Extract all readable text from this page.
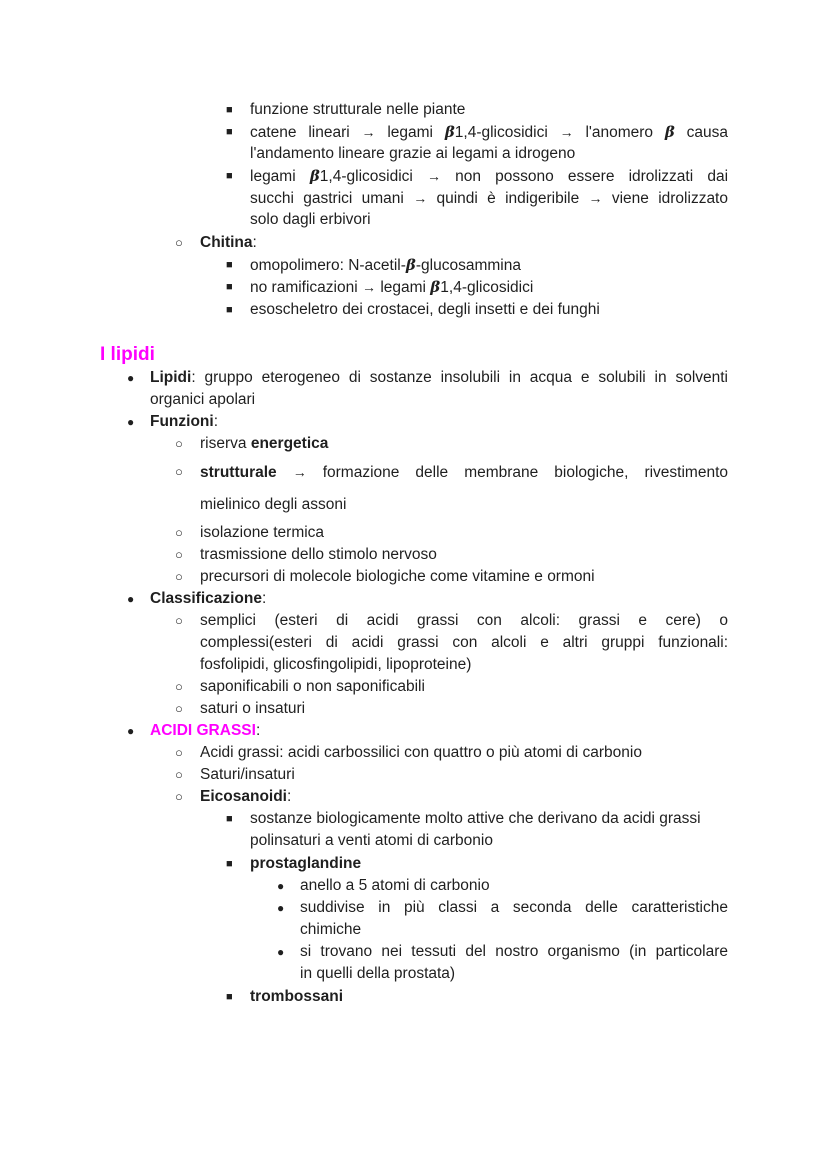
■ funzione strutturale nelle piante
■ catene lineari → legami β1,4-glicosidici → l'anomero β causa
l'andamento lineare grazie ai legami a idrogeno
■ legami β1,4-glicosidici → non possono essere idrolizzati dai
succhi gastrici umani → quindi è indigeribile → viene idrolizzato
solo dagli erbivori
○ Chitina:
■ omopolimero: N-acetil-β-glucosammina
■ no ramificazioni → legami β1,4-glicosidici
■ esoscheletro dei crostacei, degli insetti e dei funghi
I lipidi
● Lipidi: gruppo eterogeneo di sostanze insolubili in acqua e solubili in solventi
organici apolari
● Funzioni:
○ riserva energetica
○ strutturale → formazione delle membrane biologiche, rivestimento
mielinico degli assoni
○ isolazione termica
○ trasmissione dello stimolo nervoso
○ precursori di molecole biologiche come vitamine e ormoni
● Classificazione:
○ semplici (esteri di acidi grassi con alcoli: grassi e cere) o
complessi(esteri di acidi grassi con alcoli e altri gruppi funzionali:
fosfolipidi, glicosfingolipidi, lipoproteine)
○ saponificabili o non saponificabili
○ saturi o insaturi
● ACIDI GRASSI:
○ Acidi grassi: acidi carbossilici con quattro o più atomi di carbonio
○ Saturi/insaturi
○ Eicosanoidi:
■ sostanze biologicamente molto attive che derivano da acidi grassi
polinsaturi a venti atomi di carbonio
■ prostaglandine
● anello a 5 atomi di carbonio
● suddivise in più classi a seconda delle caratteristiche
chimiche
● si trovano nei tessuti del nostro organismo (in particolare
in quelli della prostata)
■ trombossani
